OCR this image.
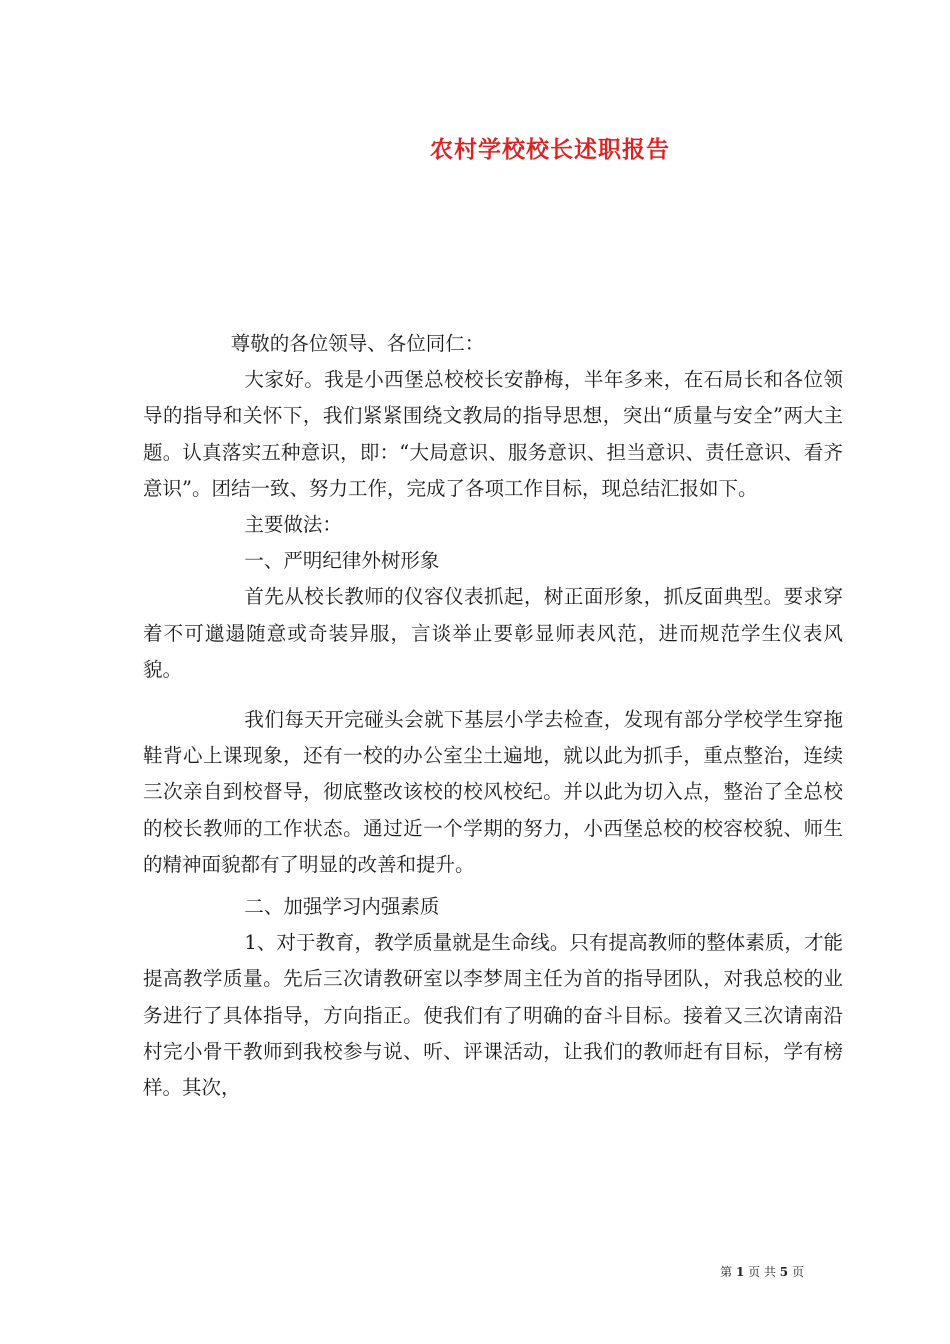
农村学校校长述职报告

尊敬的各位领导、各位同仁：

大家好。我是小西堡总校校长安静梅，半年多来，在石局长和各位领导的指导和关怀下，我们紧紧围绕文教局的指导思想，突出“质量与安全”两大主题。认真落实五种意识，即：“大局意识、服务意识、担当意识、责任意识、看齐意识”。团结一致、努力工作，完成了各项工作目标，现总结汇报如下。

主要做法：

一、严明纪律外树形象

首先从校长教师的仪容仪表抓起，树正面形象，抓反面典型。要求穿着不可邋遢随意或奇装异服，言谈举止要彰显师表风范，进而规范学生仪表风貌。

我们每天开完碰头会就下基层小学去检查，发现有部分学校学生穿拖鞋背心上课现象，还有一校的办公室尘土遍地，就以此为抓手，重点整治，连续三次亲自到校督导，彻底整改该校的校风校纪。并以此为切入点，整治了全总校的校长教师的工作状态。通过近一个学期的努力，小西堡总校的校容校貌、师生的精神面貌都有了明显的改善和提升。

二、加强学习内强素质

1、对于教育，教学质量就是生命线。只有提高教师的整体素质，才能提高教学质量。先后三次请教研室以李梦周主任为首的指导团队，对我总校的业务进行了具体指导，方向指正。使我们有了明确的奋斗目标。接着又三次请南沿村完小骨干教师到我校参与说、听、评课活动，让我们的教师赶有目标，学有榜样。其次，

第 1 页 共 5 页
